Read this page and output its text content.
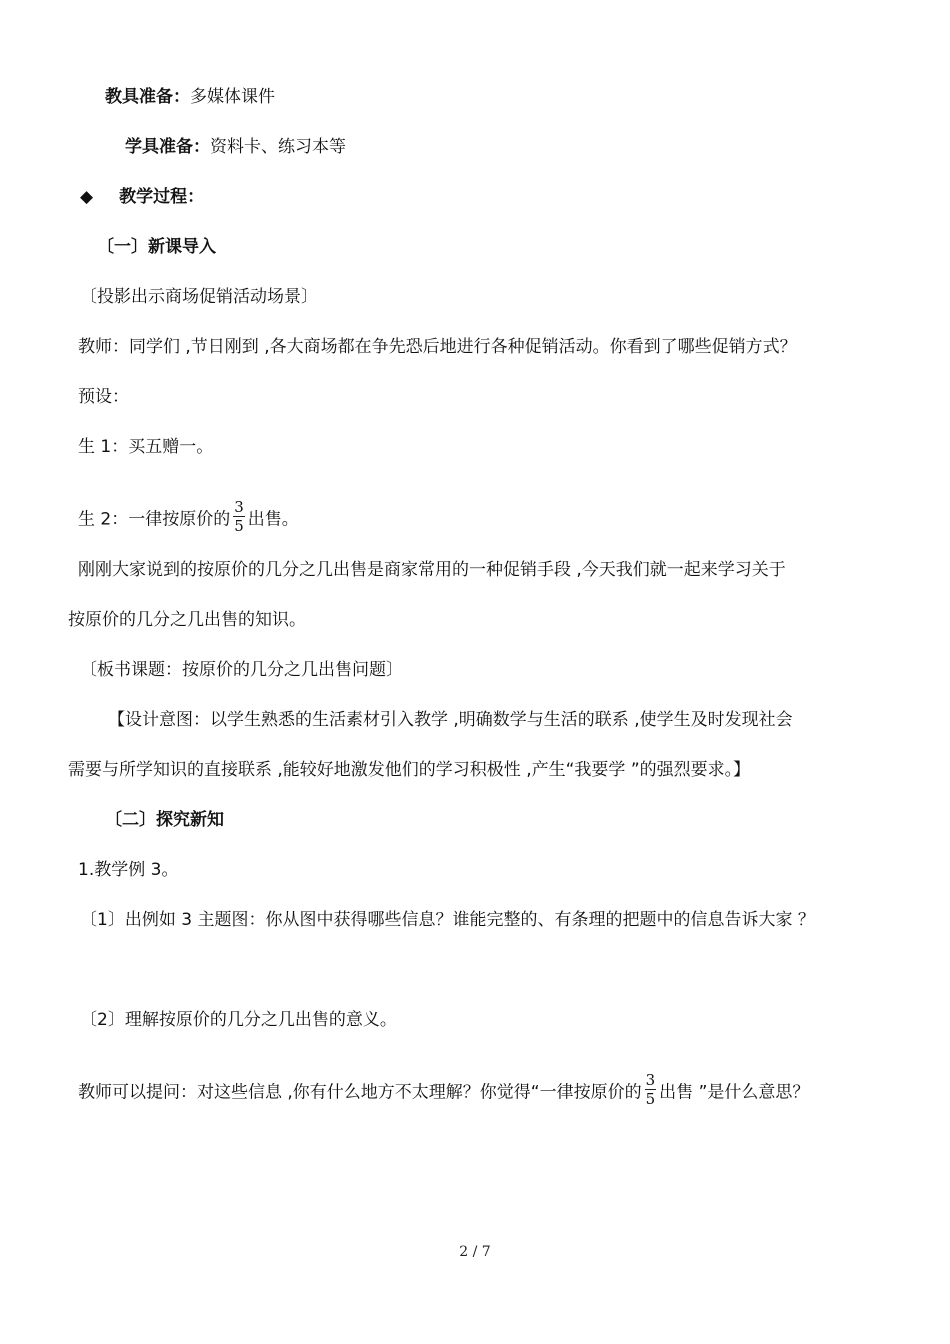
教具准备：多媒体课件
学具准备：资料卡、练习本等
◆ 教学过程：
〔一〕新课导入
〔投影出示商场促销活动场景〕
教师：同学们 ,节日刚到 ,各大商场都在争先恐后地进行各种促销活动。你看到了哪些促销方式？
预设：
生 1：买五赠一。
生 2：一律按原价的 $\frac{3}{5}$ 出售。
刚刚大家说到的按原价的几分之几出售是商家常用的一种促销手段 ,今天我们就一起来学习关于
按原价的几分之几出售的知识。
〔板书课题：按原价的几分之几出售问题〕
【设计意图：以学生熟悉的生活素材引入教学 ,明确数学与生活的联系 ,使学生及时发现社会
需要与所学知识的直接联系 ,能较好地激发他们的学习积极性 ,产生“我要学 ”的强烈要求。】
〔二〕探究新知
1.教学例 3。
〔1〕出例如 3 主题图：你从图中获得哪些信息？谁能完整的、有条理的把题中的信息告诉大家 ？
〔2〕理解按原价的几分之几出售的意义。
教师可以提问：对这些信息 ,你有什么地方不太理解？你觉得“一律按原价的 $\frac{3}{5}$ 出售 ”是什么意思？
2 / 7
